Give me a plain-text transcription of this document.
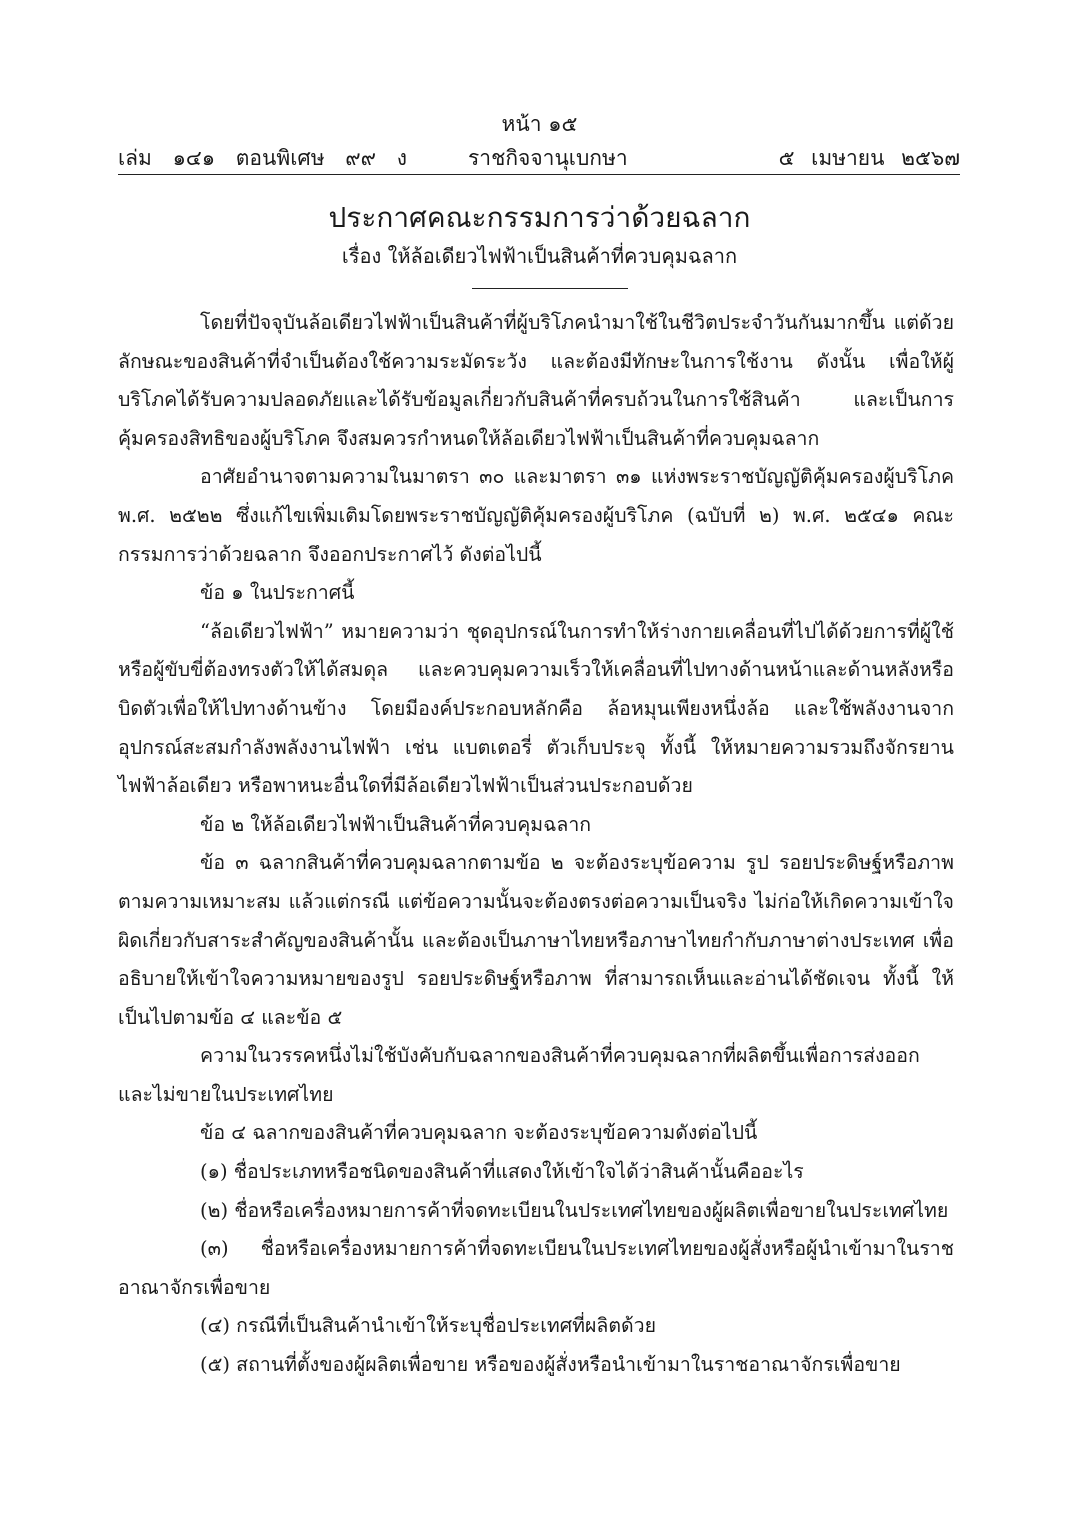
หน้า ๑๕
เล่ม ๑๔๑ ตอนพิเศษ ๙๙ ง	ราชกิจจานุเบกษา	๕ เมษายน ๒๕๖๗
ประกาศคณะกรรมการว่าด้วยฉลาก
เรื่อง ให้ล้อเดียวไฟฟ้าเป็นสินค้าที่ควบคุมฉลาก

โดยที่ปัจจุบันล้อเดียวไฟฟ้าเป็นสินค้าที่ผู้บริโภคนำมาใช้ในชีวิตประจำวันกันมากขึ้น แต่ด้วยลักษณะของสินค้าที่จำเป็นต้องใช้ความระมัดระวัง และต้องมีทักษะในการใช้งาน ดังนั้น เพื่อให้ผู้บริโภคได้รับความปลอดภัยและได้รับข้อมูลเกี่ยวกับสินค้าที่ครบถ้วนในการใช้สินค้า และเป็นการคุ้มครองสิทธิของผู้บริโภค จึงสมควรกำหนดให้ล้อเดียวไฟฟ้าเป็นสินค้าที่ควบคุมฉลาก

อาศัยอำนาจตามความในมาตรา ๓๐ และมาตรา ๓๑ แห่งพระราชบัญญัติคุ้มครองผู้บริโภค พ.ศ. ๒๕๒๒ ซึ่งแก้ไขเพิ่มเติมโดยพระราชบัญญัติคุ้มครองผู้บริโภค (ฉบับที่ ๒) พ.ศ. ๒๕๔๑ คณะกรรมการว่าด้วยฉลาก จึงออกประกาศไว้ ดังต่อไปนี้

ข้อ ๑ ในประกาศนี้

“ล้อเดียวไฟฟ้า” หมายความว่า ชุดอุปกรณ์ในการทำให้ร่างกายเคลื่อนที่ไปได้ด้วยการที่ผู้ใช้หรือผู้ขับขี่ต้องทรงตัวให้ได้สมดุล และควบคุมความเร็วให้เคลื่อนที่ไปทางด้านหน้าและด้านหลังหรือบิดตัวเพื่อให้ไปทางด้านข้าง โดยมีองค์ประกอบหลักคือ ล้อหมุนเพียงหนึ่งล้อ และใช้พลังงานจากอุปกรณ์สะสมกำลังพลังงานไฟฟ้า เช่น แบตเตอรี่ ตัวเก็บประจุ ทั้งนี้ ให้หมายความรวมถึงจักรยานไฟฟ้าล้อเดียว หรือพาหนะอื่นใดที่มีล้อเดียวไฟฟ้าเป็นส่วนประกอบด้วย

ข้อ ๒ ให้ล้อเดียวไฟฟ้าเป็นสินค้าที่ควบคุมฉลาก

ข้อ ๓ ฉลากสินค้าที่ควบคุมฉลากตามข้อ ๒ จะต้องระบุข้อความ รูป รอยประดิษฐ์หรือภาพ ตามความเหมาะสม แล้วแต่กรณี แต่ข้อความนั้นจะต้องตรงต่อความเป็นจริง ไม่ก่อให้เกิดความเข้าใจผิดเกี่ยวกับสาระสำคัญของสินค้านั้น และต้องเป็นภาษาไทยหรือภาษาไทยกำกับภาษาต่างประเทศ เพื่ออธิบายให้เข้าใจความหมายของรูป รอยประดิษฐ์หรือภาพ ที่สามารถเห็นและอ่านได้ชัดเจน ทั้งนี้ ให้เป็นไปตามข้อ ๔ และข้อ ๕

ความในวรรคหนึ่งไม่ใช้บังคับกับฉลากของสินค้าที่ควบคุมฉลากที่ผลิตขึ้นเพื่อการส่งออกและไม่ขายในประเทศไทย

ข้อ ๔ ฉลากของสินค้าที่ควบคุมฉลาก จะต้องระบุข้อความดังต่อไปนี้

(๑) ชื่อประเภทหรือชนิดของสินค้าที่แสดงให้เข้าใจได้ว่าสินค้านั้นคืออะไร

(๒) ชื่อหรือเครื่องหมายการค้าที่จดทะเบียนในประเทศไทยของผู้ผลิตเพื่อขายในประเทศไทย

(๓) ชื่อหรือเครื่องหมายการค้าที่จดทะเบียนในประเทศไทยของผู้สั่งหรือผู้นำเข้ามาในราชอาณาจักรเพื่อขาย

(๔) กรณีที่เป็นสินค้านำเข้าให้ระบุชื่อประเทศที่ผลิตด้วย

(๕) สถานที่ตั้งของผู้ผลิตเพื่อขาย หรือของผู้สั่งหรือนำเข้ามาในราชอาณาจักรเพื่อขาย
